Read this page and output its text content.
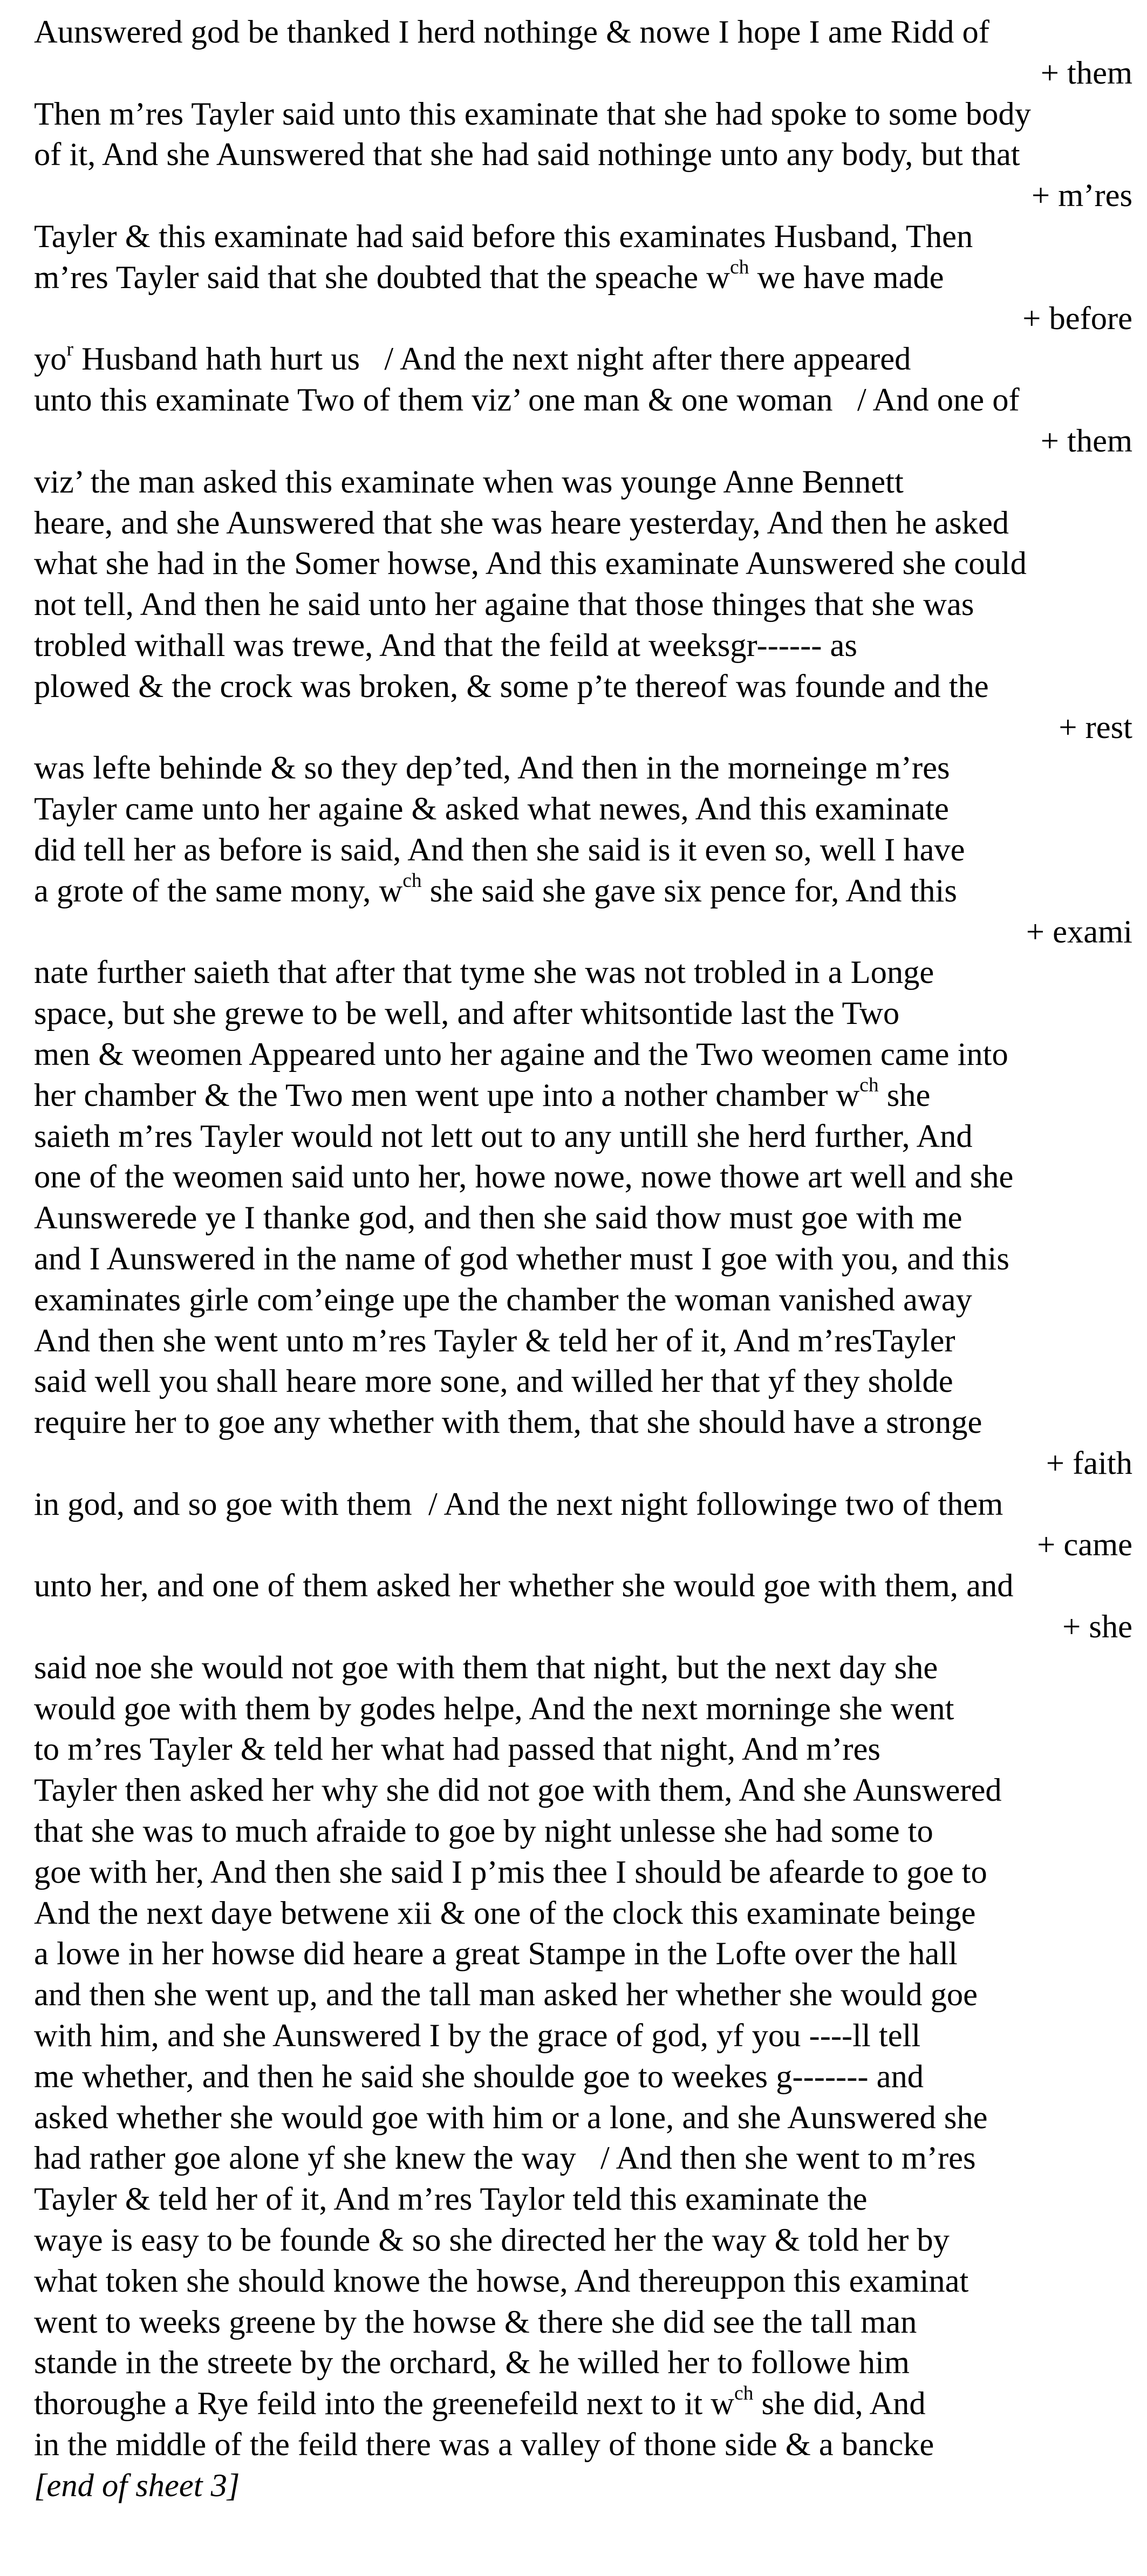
Aunswered god be thanked I herd nothinge & nowe I hope I ame Ridd of
+ them
Then m’res Tayler said unto this examinate that she had spoke to some body
of it, And she Aunswered that she had said nothinge unto any body, but that
+ m’res
Tayler & this examinate had said before this examinates Husband, Then
m’res Tayler said that she doubted that the speache $w^{ch}$ we have made
+ before
$yo^r$ Husband hath hurt us   / And the next night after there appeared
unto this examinate Two of them viz’ one man & one woman   / And one of
+ them
viz’ the man asked this examinate when was younge Anne Bennett
heare, and she Aunswered that she was heare yesterday, And then he asked
what she had in the Somer howse, And this examinate Aunswered she could
not tell, And then he said unto her againe that those thinges that she was
trobled withall was trewe, And that the feild at weeksgr------ as
plowed & the crock was broken, & some p’te thereof was founde and the
+ rest
was lefte behinde & so they dep’ted, And then in the morneinge m’res
Tayler came unto her againe & asked what newes, And this examinate
did tell her as before is said, And then she said is it even so, well I have
a grote of the same mony, $w^{ch}$ she said she gave six pence for, And this
+ exami
nate further saieth that after that tyme she was not trobled in a Longe
space, but she grewe to be well, and after whitsontide last the Two
men & weomen Appeared unto her againe and the Two weomen came into
her chamber & the Two men went upe into a nother chamber $w^{ch}$ she
saieth m’res Tayler would not lett out to any untill she herd further, And
one of the weomen said unto her, howe nowe, nowe thowe art well and she
Aunswerede ye I thanke god, and then she said thow must goe with me
and I Aunswered in the name of god whether must I goe with you, and this
examinates girle com’einge upe the chamber the woman vanished away
And then she went unto m’res Tayler & teld her of it, And m’resTayler
said well you shall heare more sone, and willed her that yf they sholde
require her to goe any whether with them, that she should have a stronge
+ faith
in god, and so goe with them  / And the next night followinge two of them
+ came
unto her, and one of them asked her whether she would goe with them, and
+ she
said noe she would not goe with them that night, but the next day she
would goe with them by godes helpe, And the next morninge she went
to m’res Tayler & teld her what had passed that night, And m’res
Tayler then asked her why she did not goe with them, And she Aunswered
that she was to much afraide to goe by night unlesse she had some to
goe with her, And then she said I p’mis thee I should be afearde to goe to
And the next daye betwene xii & one of the clock this examinate beinge
a lowe in her howse did heare a great Stampe in the Lofte over the hall
and then she went up, and the tall man asked her whether she would goe
with him, and she Aunswered I by the grace of god, yf you ----ll tell
me whether, and then he said she shoulde goe to weekes g------- and
asked whether she would goe with him or a lone, and she Aunswered she
had rather goe alone yf she knew the way   / And then she went to m’res
Tayler & teld her of it, And m’res Taylor teld this examinate the
waye is easy to be founde & so she directed her the way & told her by
what token she should knowe the howse, And thereuppon this examinat
went to weeks greene by the howse & there she did see the tall man
stande in the streete by the orchard, & he willed her to followe him
thoroughe a Rye feild into the greenefeild next to it $w^{ch}$ she did, And
in the middle of the feild there was a valley of thone side & a bancke
[end of sheet 3]
